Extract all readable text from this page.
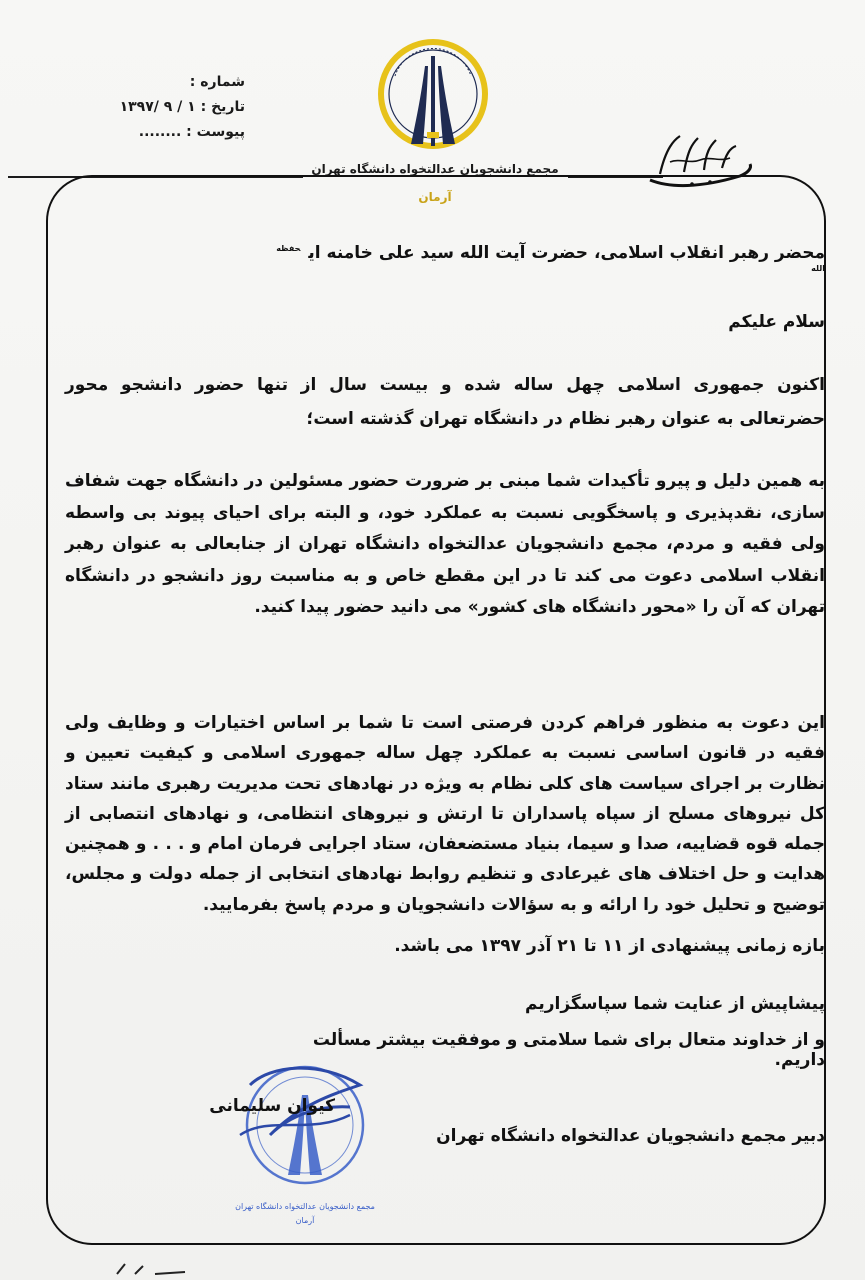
شماره :
تاریخ : ۱ / ۹ /۱۳۹۷
پیوست : ........
مجمع دانشجویان عدالتخواه دانشگاه تهران
آرمان
محضر رهبر انقلاب اسلامی، حضرت آیت الله سید علی خامنه ای$^{حفظه الله}$
سلام علیکم
اکنون جمهوری اسلامی چهل ساله شده و بیست سال از تنها حضور دانشجو محور حضرتعالی به عنوان رهبر نظام در دانشگاه تهران گذشته است؛
به همین دلیل و پیرو تأکیدات شما مبنی بر ضرورت حضور مسئولین در دانشگاه جهت شفاف سازی، نقدپذیری و پاسخگویی نسبت به عملکرد خود، و البته برای احیای پیوند بی واسطه ولی فقیه و مردم، مجمع دانشجویان عدالتخواه دانشگاه تهران از جنابعالی به عنوان رهبر انقلاب اسلامی دعوت می کند تا در این مقطع خاص و به مناسبت روز دانشجو در دانشگاه تهران که آن را «محور دانشگاه های کشور» می دانید حضور پیدا کنید.
این دعوت به منظور فراهم کردن فرصتی است تا شما بر اساس اختیارات و وظایف ولی فقیه در قانون اساسی نسبت به عملکرد چهل ساله جمهوری اسلامی و کیفیت تعیین و نظارت بر اجرای سیاست های کلی نظام به ویژه در نهادهای تحت مدیریت رهبری مانند ستاد کل نیروهای مسلح از سپاه پاسداران تا ارتش و نیروهای انتظامی، و نهادهای انتصابی از جمله قوه قضاییه، صدا و سیما، بنیاد مستضعفان، ستاد اجرایی فرمان امام و . . . و همچنین هدایت و حل اختلاف های غیرعادی و تنظیم روابط نهادهای انتخابی از جمله دولت و مجلس، توضیح و تحلیل خود را ارائه و به سؤالات دانشجویان و مردم پاسخ بفرمایید.
بازه زمانی پیشنهادی از ۱۱ تا ۲۱ آذر ۱۳۹۷ می باشد.
پیشاپیش از عنایت شما سپاسگزاریم
و از خداوند متعال برای شما سلامتی و موفقیت بیشتر مسألت داریم.
مجمع دانشجویان عدالتخواه دانشگاه تهران
آرمان
کیوان سلیمانی
دبیر مجمع دانشجویان عدالتخواه دانشگاه تهران
